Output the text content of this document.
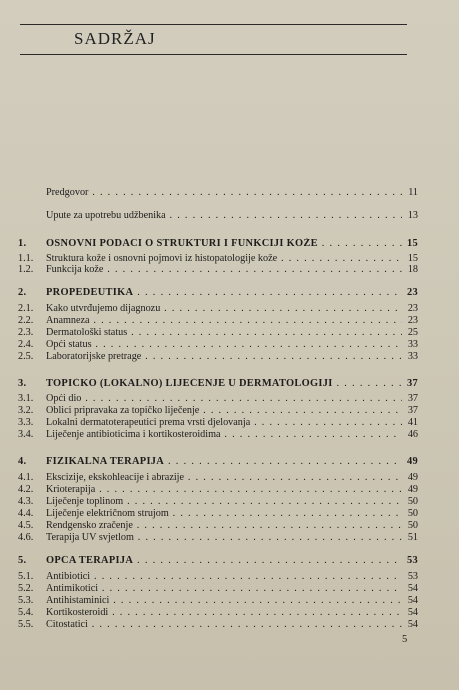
SADRŽAJ
Predgovor . . .	11
Upute za upotrebu udžbenika . . .	13
1. OSNOVNI PODACI O STRUKTURI I FUNKCIJI KOŽE . . .	15
1.1. Struktura kože i osnovni pojmovi iz histopatologije kože . . .	15
1.2. Funkcija kože . . .	18
2. PROPEDEUTIKA . . .	23
2.1. Kako utvrđujemo dijagnozu . . .	23
2.2. Anamneza . . .	23
2.3. Dermatološki status . . .	25
2.4. Opći status . . .	33
2.5. Laboratorijske pretrage . . .	33
3. TOPIČKO (LOKALNO) LIJEČENJE U DERMATOLOGIJI . . .	37
3.1. Opći dio . . .	37
3.2. Oblici pripravaka za topičko liječenje . . .	37
3.3. Lokalni dermatoterapeutici prema vrsti djelovanja . . .	41
3.4. Liječenje antibioticima i kortikosteroidima . . .	46
4. FIZIKALNA TERAPIJA . . .	49
4.1. Ekscizije, ekskohleacije i abrazije . . .	49
4.2. Krioterapija . . .	49
4.3. Liječenje toplinom . . .	50
4.4. Liječenje električnom strujom . . .	50
4.5. Rendgensko zračenje . . .	50
4.6. Terapija UV svjetlom . . .	51
5. OPĆA TERAPIJA . . .	53
5.1. Antibiotici . . .	53
5.2. Antimikotici . . .	54
5.3. Antihistaminici . . .	54
5.4. Kortikosteroidi . . .	54
5.5. Citostatici . . .	54
5
